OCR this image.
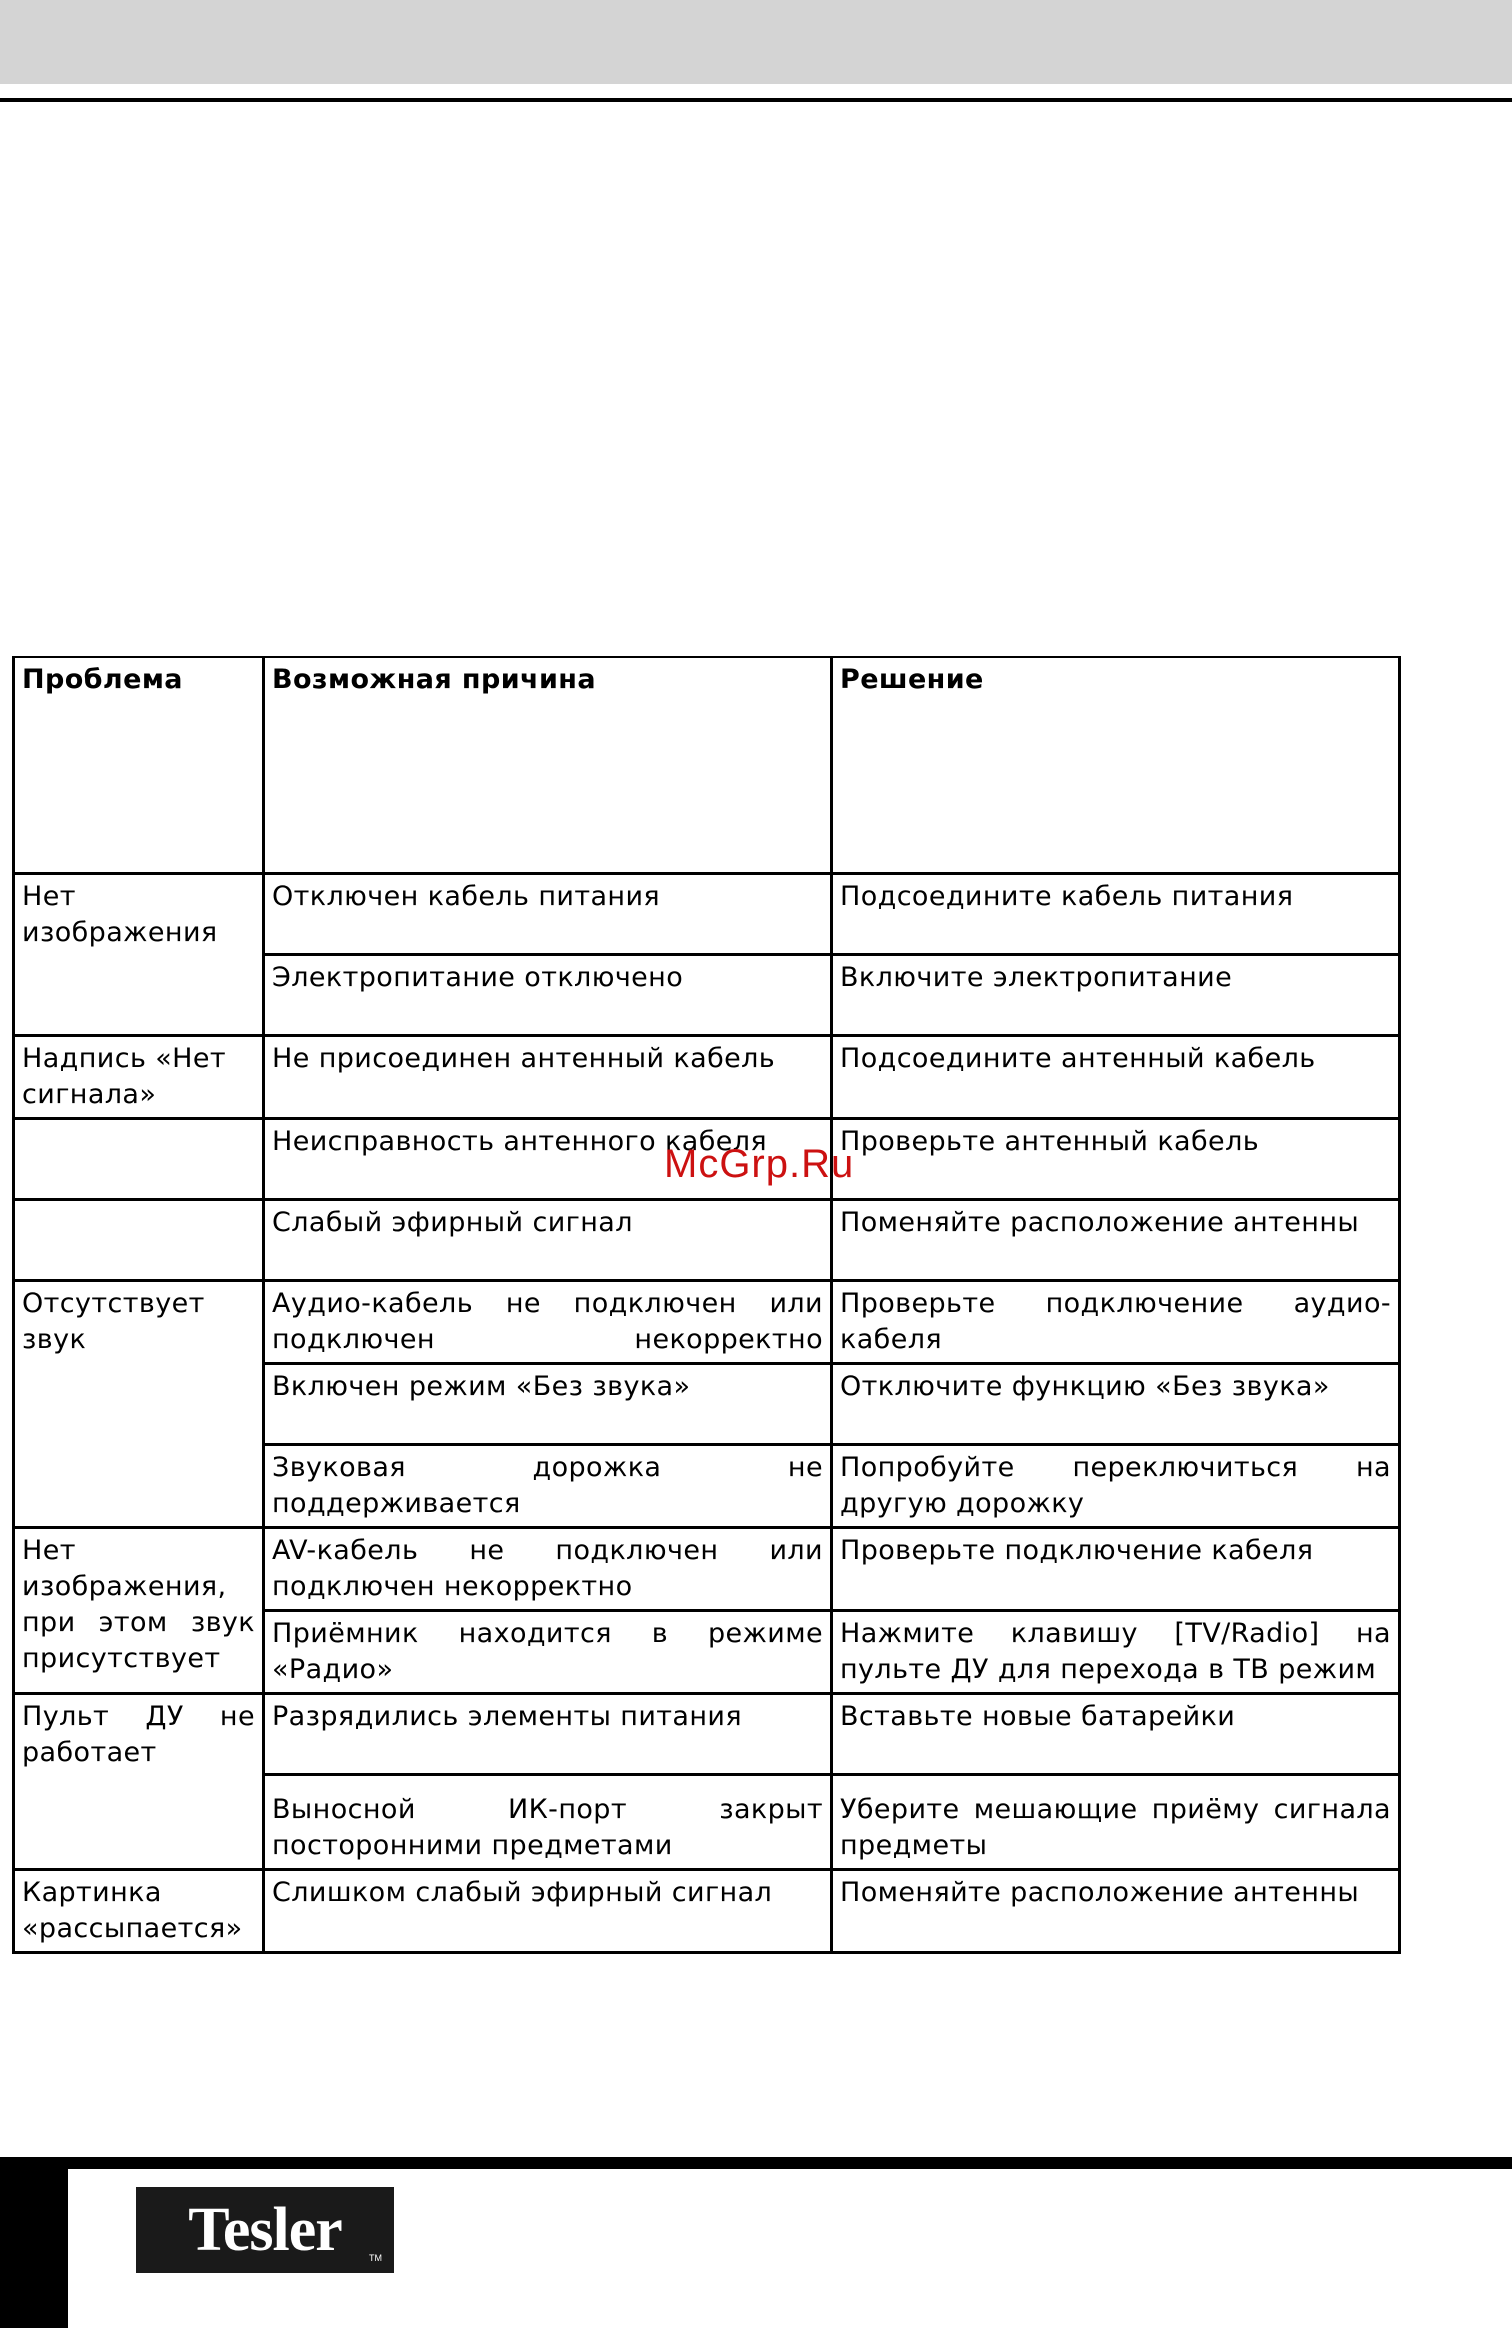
Проблема	Возможная причина	Решение
Нет изображения	Отключен кабель питания	Подсоедините кабель питания
	Электропитание отключено	Включите электропитание
Надпись «Нет сигнала»	Не присоединен антенный кабель	Подсоедините антенный кабель
	Неисправность антенного кабеля	Проверьте антенный кабель
	Слабый эфирный сигнал	Поменяйте расположение антенны
Отсутствует звук	Аудио-кабель не подключен или подключен некорректно	Проверьте подключение аудио-кабеля
	Включен режим «Без звука»	Отключите функцию «Без звука»
	Звуковая дорожка не поддерживается	Попробуйте переключиться на другую дорожку
Нет изображения, при этом звук присутствует	AV-кабель не подключен или подключен некорректно	Проверьте подключение кабеля
	Приёмник находится в режиме «Радио»	Нажмите клавишу [TV/Radio] на пульте ДУ для перехода в ТВ режим
Пульт ДУ не работает	Разрядились элементы питания	Вставьте новые батарейки
	Выносной ИК-порт закрыт посторонними предметами	Уберите мешающие приёму сигнала предметы
Картинка «рассыпается»	Слишком слабый эфирный сигнал	Поменяйте расположение антенны
McGrp.Ru
Tesler	TM
